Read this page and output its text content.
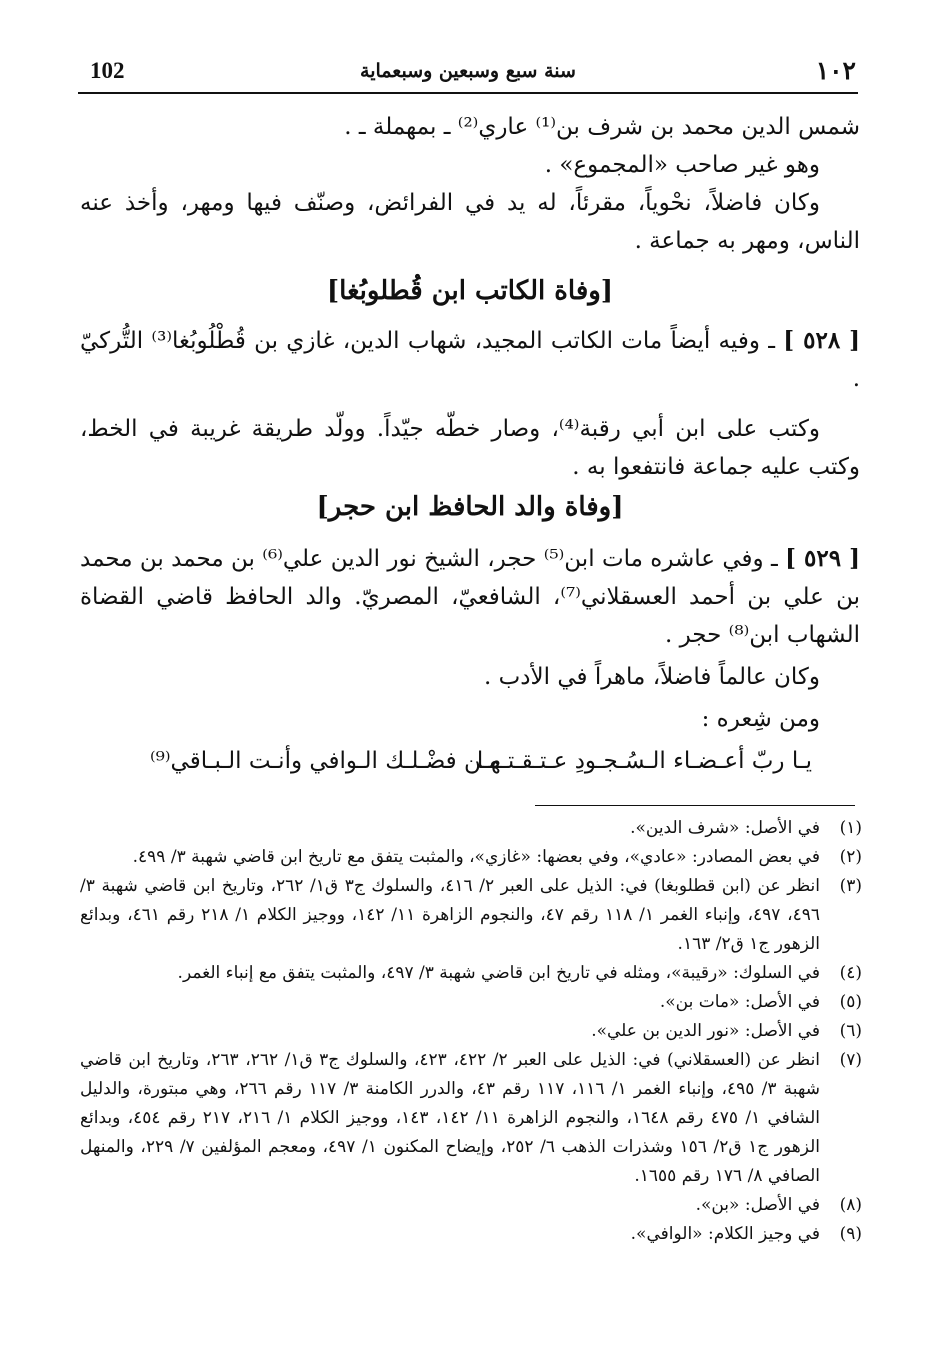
102	سنة سبع وسبعين وسبعماية	١٠٢

شمس الدين محمد بن شرف بن⁽¹⁾ عاري⁽²⁾ ـ بمهملة ـ .

وهو غير صاحب «المجموع» .

وكان فاضلاً، نحْوياً، مقرئاً، له يد في الفرائض، وصنّف فيها ومهر، وأخذ عنه الناس، ومهر به جماعة .

[وفاة الكاتب ابن قُطلوبُغا]

[ ٥٢٨ ] ـ وفيه أيضاً مات الكاتب المجيد، شهاب الدين، غازي بن قُطْلُوبُغا⁽³⁾ التُّركيّ .

وكتب على ابن أبي رقبة⁽⁴⁾، وصار خطّه جيّداً. وولّد طريقة غريبة في الخط، وكتب عليه جماعة فانتفعوا به .

[وفاة والد الحافظ ابن حجر]

[ ٥٢٩ ] ـ وفي عاشره مات ابن⁽⁵⁾ حجر، الشيخ نور الدين علي⁽⁶⁾ بن محمد بن محمد بن علي بن أحمد العسقلاني⁽⁷⁾، الشافعيّ، المصريّ. والد الحافظ قاضي القضاة الشهاب ابن⁽⁸⁾ حجر .

وكان عالماً فاضلاً، ماهراً في الأدب .

ومن شِعره :

يـا ربّ أعـضـاء الـسُـجـودِ عـتـقـتـهـا
مـن فضْـلـك الـوافي وأنـت الـبـاقي⁽⁹⁾
(١)
في الأصل: «شرف الدين».
(٢)
في بعض المصادر: «عادي»، وفي بعضها: «غازي»، والمثبت يتفق مع تاريخ ابن قاضي شهبة ٣/ ٤٩٩.
(٣)
انظر عن (ابن قطلوبغا) في: الذيل على العبر ٢/ ٤١٦، والسلوك ج٣ ق١/ ٢٦٢، وتاريخ ابن قاضي شهبة ٣/ ٤٩٦، ٤٩٧، وإنباء الغمر ١/ ١١٨ رقم ٤٧، والنجوم الزاهرة ١١/ ١٤٢، ووجيز الكلام ١/ ٢١٨ رقم ٤٦١، وبدائع الزهور ج١ ق٢/ ١٦٣.
(٤)
في السلوك: «رقيبة»، ومثله في تاريخ ابن قاضي شهبة ٣/ ٤٩٧، والمثبت يتفق مع إنباء الغمر.
(٥)
في الأصل: «مات بن».
(٦)
في الأصل: «نور الدين بن علي».
(٧)
انظر عن (العسقلاني) في: الذيل على العبر ٢/ ٤٢٢، ٤٢٣، والسلوك ج٣ ق١/ ٢٦٢، ٢٦٣، وتاريخ ابن قاضي شهبة ٣/ ٤٩٥، وإنباء الغمر ١/ ١١٦، ١١٧ رقم ٤٣، والدرر الكامنة ٣/ ١١٧ رقم ٢٦٦، وهي مبتورة، والدليل الشافي ١/ ٤٧٥ رقم ١٦٤٨، والنجوم الزاهرة ١١/ ١٤٢، ١٤٣، ووجيز الكلام ١/ ٢١٦، ٢١٧ رقم ٤٥٤، وبدائع الزهور ج١ ق٢/ ١٥٦ وشذرات الذهب ٦/ ٢٥٢، وإيضاح المكنون ١/ ٤٩٧، ومعجم المؤلفين ٧/ ٢٢٩، والمنهل الصافي ٨/ ١٧٦ رقم ١٦٥٥.
(٨)
في الأصل: «بن».
(٩)
في وجيز الكلام: «الوافي».
